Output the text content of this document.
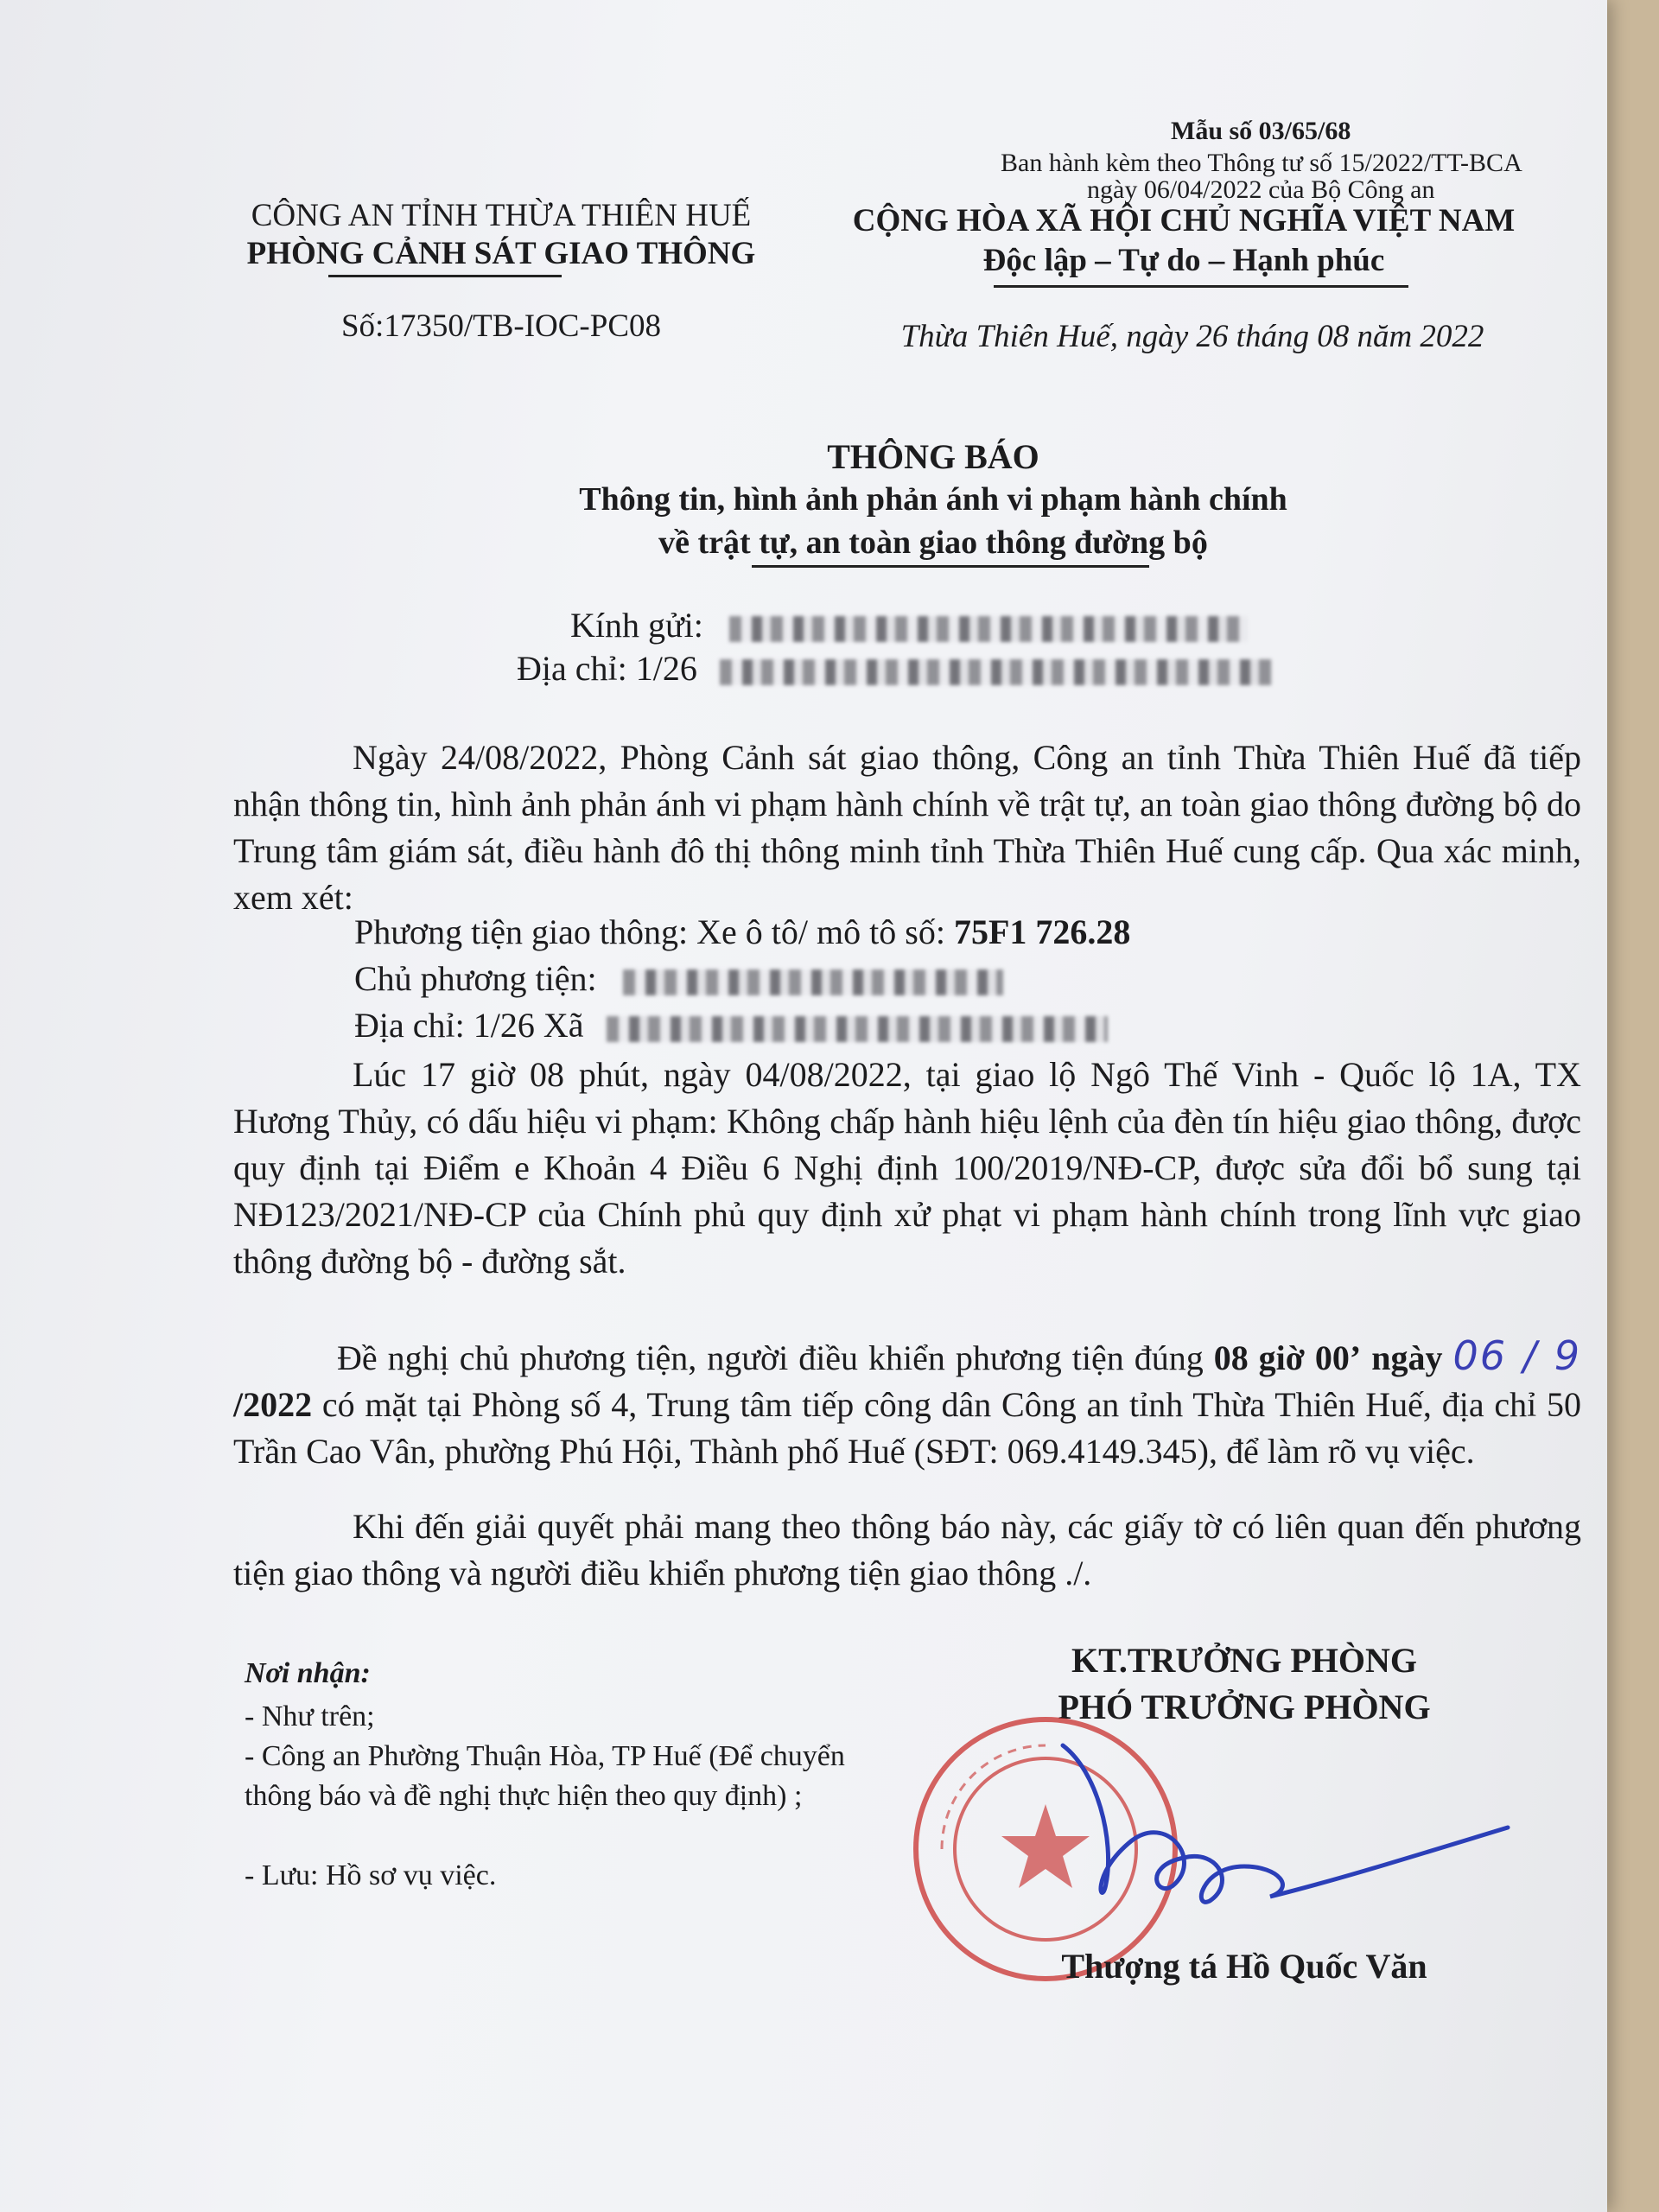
Mẫu số 03/65/68
Ban hành kèm theo Thông tư số 15/2022/TT-BCA
ngày 06/04/2022 của Bộ Công an
CÔNG AN TỈNH THỪA THIÊN HUẾ
PHÒNG CẢNH SÁT GIAO THÔNG
Số:17350/TB-IOC-PC08
CỘNG HÒA XÃ HỘI CHỦ NGHĨA VIỆT NAM
Độc lập – Tự do – Hạnh phúc
Thừa Thiên Huế, ngày 26 tháng 08 năm 2022
THÔNG BÁO
Thông tin, hình ảnh phản ánh vi phạm hành chính
về trật tự, an toàn giao thông đường bộ
Kính gửi:
Địa chỉ: 1/26
Ngày 24/08/2022, Phòng Cảnh sát giao thông, Công an tỉnh Thừa Thiên Huế đã tiếp nhận thông tin, hình ảnh phản ánh vi phạm hành chính về trật tự, an toàn giao thông đường bộ do Trung tâm giám sát, điều hành đô thị thông minh tỉnh Thừa Thiên Huế cung cấp. Qua xác minh, xem xét:
Phương tiện giao thông: Xe ô tô/ mô tô số: 75F1 726.28
Chủ phương tiện:
Địa chỉ: 1/26 Xã
Lúc 17 giờ 08 phút, ngày 04/08/2022, tại giao lộ Ngô Thế Vinh - Quốc lộ 1A, TX Hương Thủy, có dấu hiệu vi phạm: Không chấp hành hiệu lệnh của đèn tín hiệu giao thông, được quy định tại Điểm e Khoản 4 Điều 6 Nghị định 100/2019/NĐ-CP, được sửa đổi bổ sung tại NĐ123/2021/NĐ-CP của Chính phủ quy định xử phạt vi phạm hành chính trong lĩnh vực giao thông đường bộ - đường sắt.
Đề nghị chủ phương tiện, người điều khiển phương tiện đúng 08 giờ 00’ ngày 06 / 9 /2022 có mặt tại Phòng số 4, Trung tâm tiếp công dân Công an tỉnh Thừa Thiên Huế, địa chỉ 50 Trần Cao Vân, phường Phú Hội, Thành phố Huế (SĐT: 069.4149.345), để làm rõ vụ việc.
Khi đến giải quyết phải mang theo thông báo này, các giấy tờ có liên quan đến phương tiện giao thông và người điều khiển phương tiện giao thông ./.
Nơi nhận:
- Như trên;
- Công an Phường Thuận Hòa, TP Huế (Để chuyển thông báo và đề nghị thực hiện theo quy định) ;
- Lưu: Hồ sơ vụ việc.
KT.TRƯỞNG PHÒNG
PHÓ TRƯỞNG PHÒNG
Thượng tá Hồ Quốc Văn
